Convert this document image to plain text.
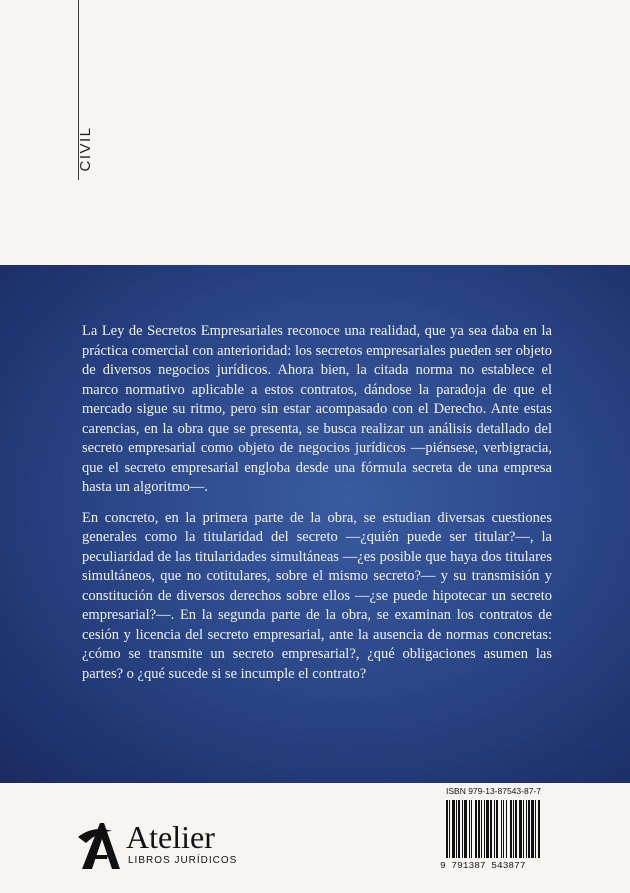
CIVIL

La Ley de Secretos Empresariales reconoce una realidad, que ya sea daba en la práctica comercial con anterioridad: los secretos empresariales pueden ser objeto de diversos negocios jurídicos. Ahora bien, la citada norma no establece el marco normativo aplicable a estos contratos, dándose la paradoja de que el mercado sigue su ritmo, pero sin estar acompasado con el Derecho. Ante estas carencias, en la obra que se presenta, se busca realizar un análisis detallado del secreto empresarial como objeto de negocios jurídicos —piénsese, verbigracia, que el secreto empresarial engloba desde una fórmula secreta de una empresa hasta un algoritmo—.

En concreto, en la primera parte de la obra, se estudian diversas cuestiones generales como la titularidad del secreto —¿quién puede ser titular?—, la peculiaridad de las titularidades simultáneas —¿es posible que haya dos titulares simultáneos, que no cotitulares, sobre el mismo secreto?— y su transmisión y constitución de diversos derechos sobre ellos —¿se puede hipotecar un secreto empresarial?—. En la segunda parte de la obra, se examinan los contratos de cesión y licencia del secreto empresarial, ante la ausencia de normas concretas: ¿cómo se transmite un secreto empresarial?, ¿qué obligaciones asumen las partes? o ¿qué sucede si se incumple el contrato?

Atelier
LIBROS JURÍDICOS
ISBN 979-13-87543-87-7
9 791387 543877
